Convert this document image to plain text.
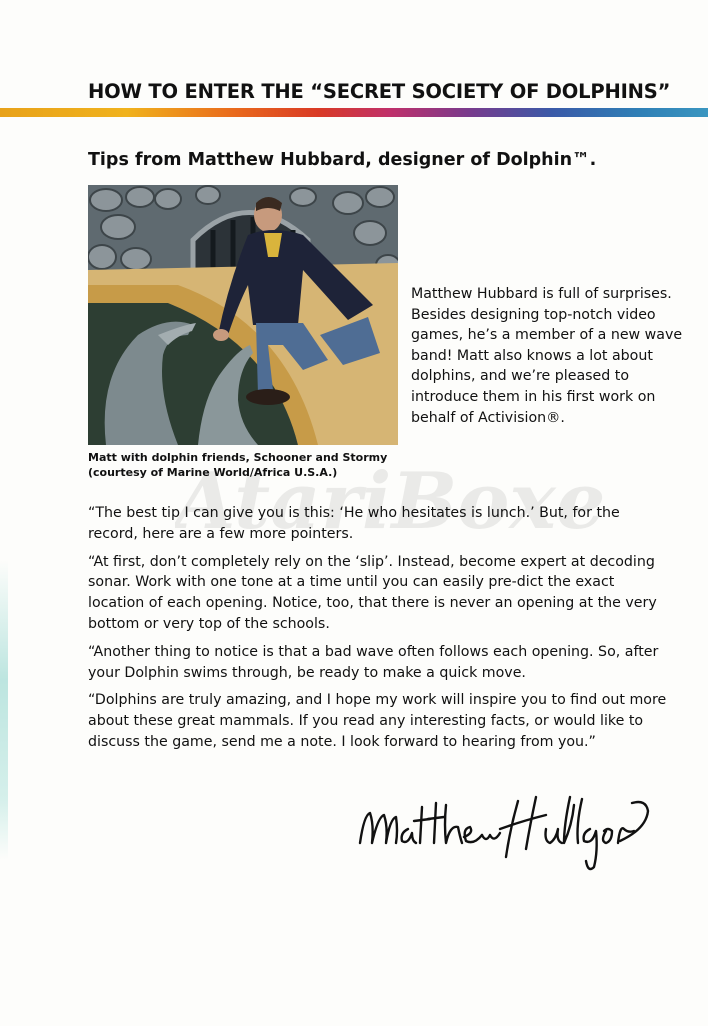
HOW TO ENTER THE “SECRET SOCIETY OF DOLPHINS”
Tips from Matthew Hubbard, designer of Dolphin™.
Matt with dolphin friends, Schooner and Stormy
(courtesy of Marine World/Africa U.S.A.)
Matthew Hubbard is full of surprises. Besides designing top-notch video games, he’s a member of a new wave band! Matt also knows a lot about dolphins, and we’re pleased to introduce them in his first work on behalf of Activision®.
AtariBoxe

“The best tip I can give you is this: ‘He who hesitates is lunch.’ But, for the record, here are a few more pointers.

“At first, don’t completely rely on the ‘slip’. Instead, become expert at decoding sonar. Work with one tone at a time until you can easily pre-dict the exact location of each opening. Notice, too, that there is never an opening at the very bottom or very top of the schools.

“Another thing to notice is that a bad wave often follows each opening. So, after your Dolphin swims through, be ready to make a quick move.

“Dolphins are truly amazing, and I hope my work will inspire you to find out more about these great mammals. If you read any interesting facts, or would like to discuss the game, send me a note. I look forward to hearing from you.”
